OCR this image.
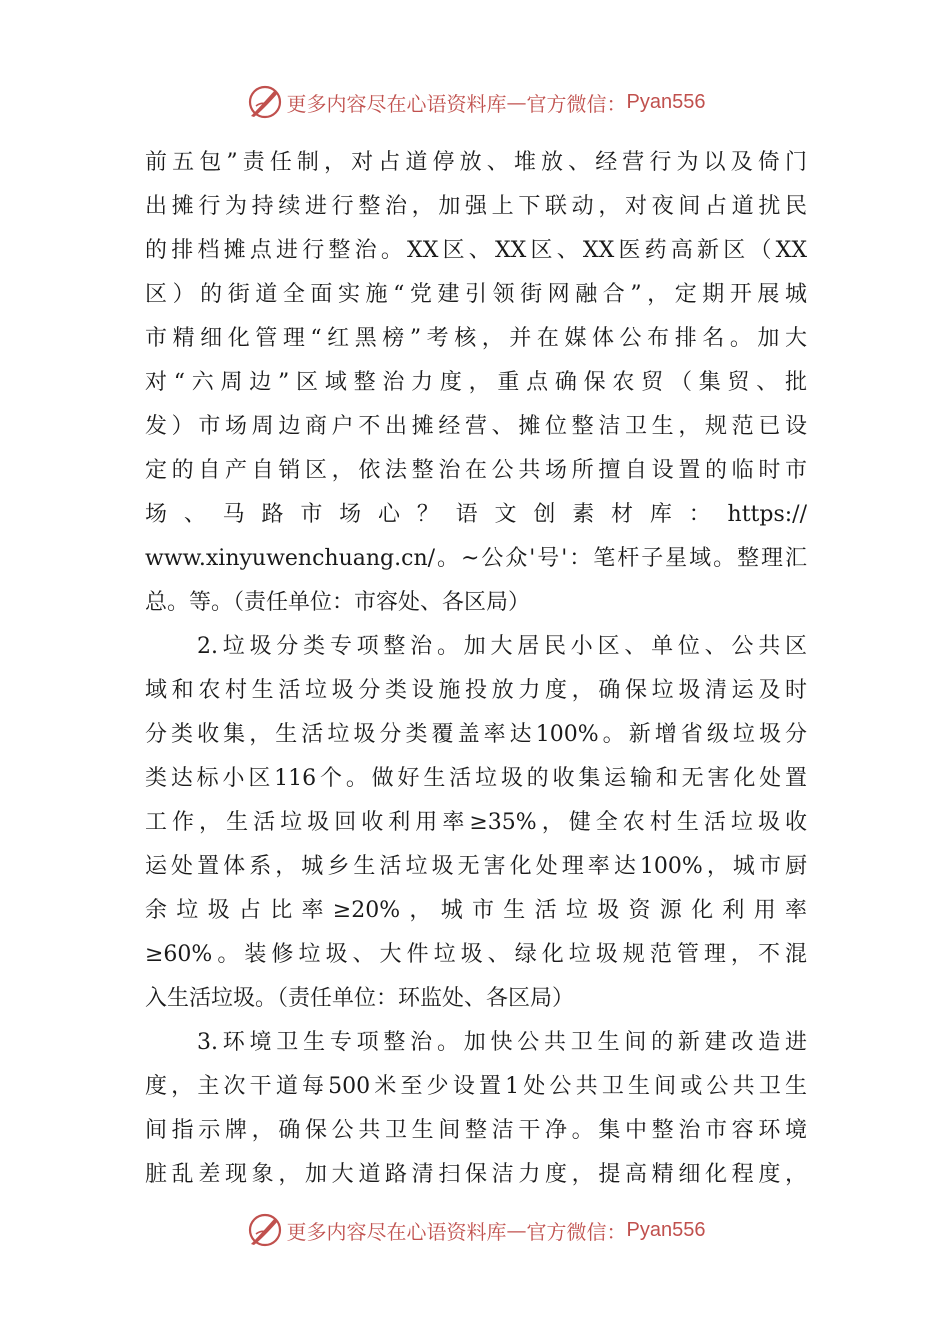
更多内容尽在心语资料库 — 官方微信： Pyan556
前五包”责任制，对占道停放、堆放、经营行为以及倚门
出摊行为持续进行整治，加强上下联动，对夜间占道扰民
的排档摊点进行整治。XX区、XX区、XX医药高新区（XX
区）的街道全面实施“党建引领街网融合”，定期开展城
市精细化管理“红黑榜”考核，并在媒体公布排名。加大
对“六周边”区域整治力度，重点确保农贸（集贸、批
发）市场周边商户不出摊经营、摊位整洁卫生，规范已设
定的自产自销区，依法整治在公共场所擅自设置的临时市
场、马路市场心？语文创素材库：https://
www.xinyuwenchuang.cn/。~公众'号'：笔杆子星域。整理汇
总。等。（责任单位：市容处、各区局）
2.垃圾分类专项整治。加大居民小区、单位、公共区
域和农村生活垃圾分类设施投放力度，确保垃圾清运及时
分类收集，生活垃圾分类覆盖率达100%。新增省级垃圾分
类达标小区116个。做好生活垃圾的收集运输和无害化处置
工作，生活垃圾回收利用率≥35%，健全农村生活垃圾收
运处置体系，城乡生活垃圾无害化处理率达100%，城市厨
余垃圾占比率≥20%，城市生活垃圾资源化利用率
≥60%。装修垃圾、大件垃圾、绿化垃圾规范管理，不混
入生活垃圾。（责任单位：环监处、各区局）
3.环境卫生专项整治。加快公共卫生间的新建改造进
度，主次干道每500米至少设置1处公共卫生间或公共卫生
间指示牌，确保公共卫生间整洁干净。集中整治市容环境
脏乱差现象，加大道路清扫保洁力度，提高精细化程度，
更多内容尽在心语资料库 — 官方微信： Pyan556
